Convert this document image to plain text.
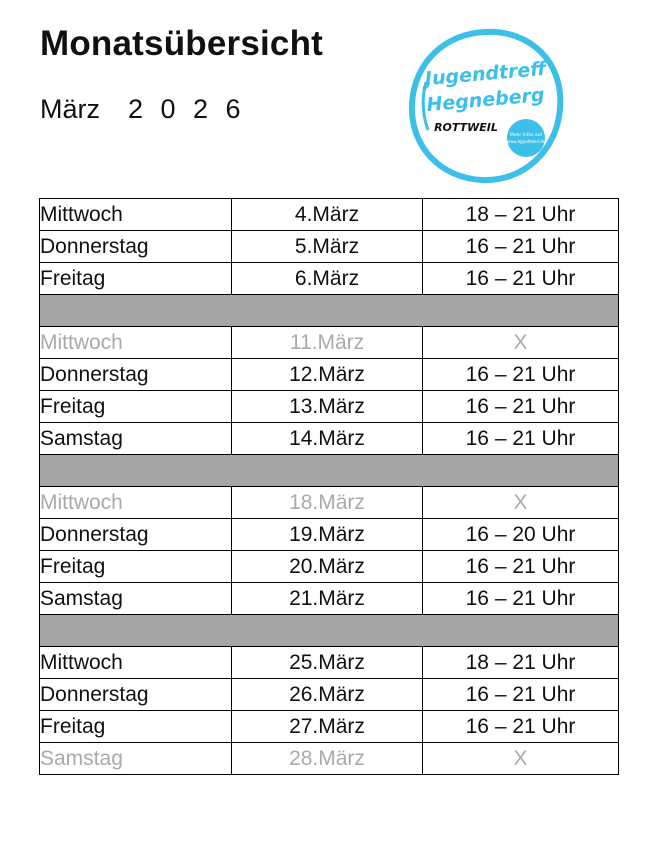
Monatsübersicht
März 2 0 2 6
Jugendtreff
Hegneberg
ROTTWEIL
Mehr Infos auf
www.hjgrottweil.de
Mittwoch	4.März	18 – 21 Uhr
Donnerstag	5.März	16 – 21 Uhr
Freitag	6.März	16 – 21 Uhr

Mittwoch	11.März	X
Donnerstag	12.März	16 – 21 Uhr
Freitag	13.März	16 – 21 Uhr
Samstag	14.März	16 – 21 Uhr

Mittwoch	18.März	X
Donnerstag	19.März	16 – 20 Uhr
Freitag	20.März	16 – 21 Uhr
Samstag	21.März	16 – 21 Uhr

Mittwoch	25.März	18 – 21 Uhr
Donnerstag	26.März	16 – 21 Uhr
Freitag	27.März	16 – 21 Uhr
Samstag	28.März	X
